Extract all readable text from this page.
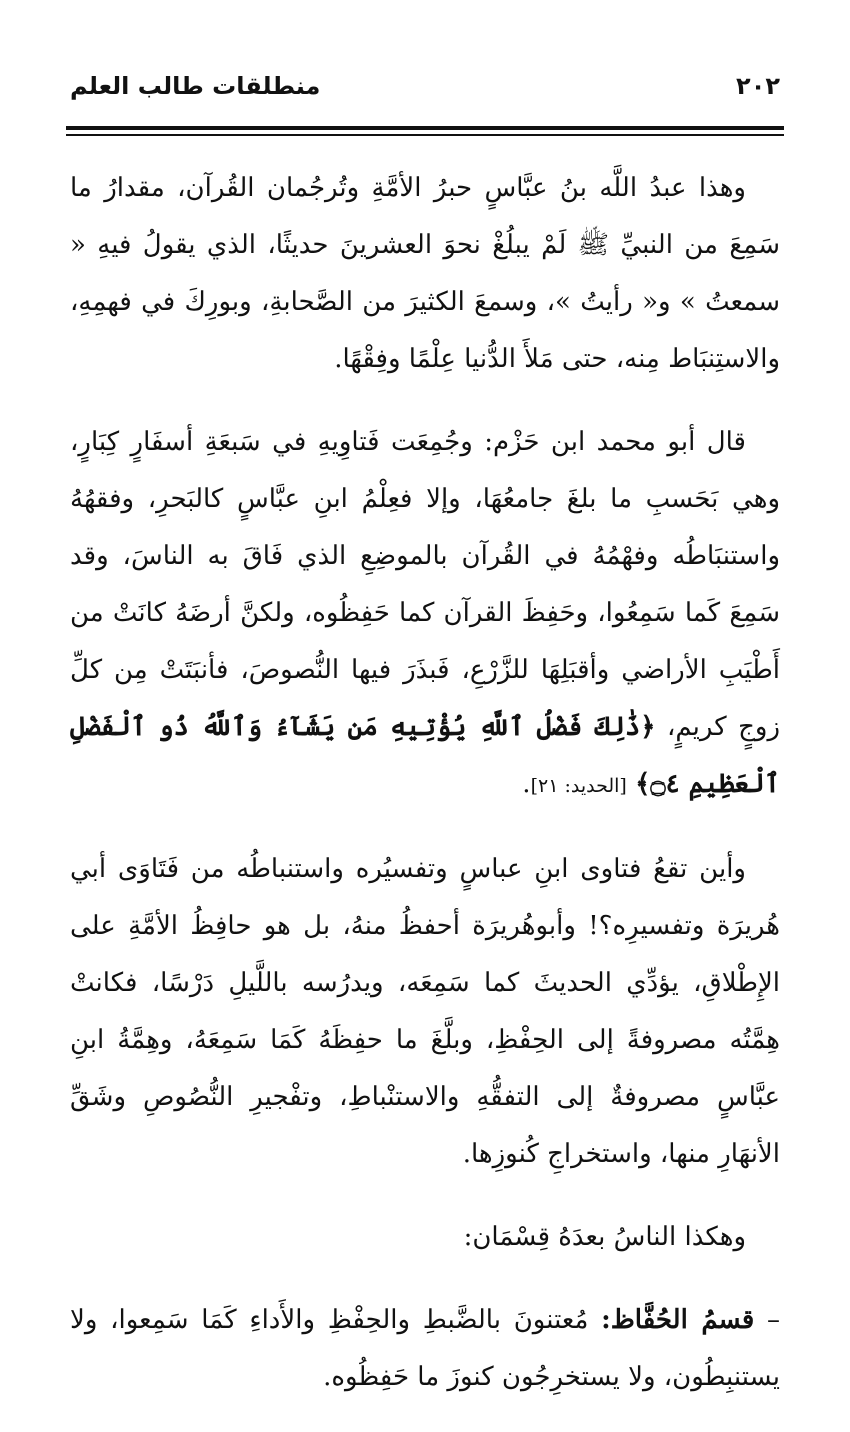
منطلقات طالب العلم	٢٠٢

وهذا عبدُ اللَّه بنُ عبَّاسٍ حبرُ الأمَّةِ وتُرجُمان القُرآن، مقدارُ ما سَمِعَ من النبيِّ ﷺ لَمْ يبلُغْ نحوَ العشرينَ حديثًا، الذي يقولُ فيهِ « سمعتُ » و« رأيتُ »، وسمعَ الكثيرَ من الصَّحابةِ، وبورِكَ في فهمِهِ، والاستِنبَاط مِنه، حتى مَلأَ الدُّنيا عِلْمًا وفِقْهًا.

قال أبو محمد ابن حَزْم: وجُمِعَت فَتاوِيهِ في سَبعَةِ أسفَارٍ كِبَارٍ، وهي بَحَسبِ ما بلغَ جامعُهَا، وإلا فعِلْمُ ابنِ عبَّاسٍ كالبَحرِ، وفقهُهُ واستنبَاطُه وفهْمُهُ في القُرآن بالموضِعِ الذي فَاقَ به الناسَ، وقد سَمِعَ كَما سَمِعُوا، وحَفِظَ القرآن كما حَفِظُوه، ولكنَّ أرضَهُ كانَتْ من أَطْيَبِ الأراضي وأقبَلِهَا للزَّرْعِ، فَبذَرَ فيها النُّصوصَ، فأنبَتَتْ مِن كلِّ زوجٍ كريمٍ، ﴿ذَٰلِكَ فَضْلُ ٱللَّهِ يُؤْتِيهِ مَن يَشَآءُ وَٱللَّهُ ذُو ٱلْفَضْلِ ٱلْعَظِيمِ ۝٤﴾ [الحديد: ٢١].

وأين تقعُ فتاوى ابنِ عباسٍ وتفسيُره واستنباطُه من فَتَاوَى أبي هُريرَة وتفسيرِه؟! وأبوهُريرَة أحفظُ منهُ، بل هو حافِظُ الأمَّةِ على الإِطْلاقِ، يؤدِّي الحديثَ كما سَمِعَه، ويدرُسه باللَّيلِ دَرْسًا، فكانتْ هِمَّتُه مصروفةً إلى الحِفْظِ، وبلَّغَ ما حفِظَهُ كَمَا سَمِعَهُ، وهِمَّةُ ابنِ عبَّاسٍ مصروفةٌ إلى التفقُّهِ والاستنْباطِ، وتفْجيرِ النُّصُوصِ وشَقِّ الأنهَارِ منها، واستخراجِ كُنوزِها.

وهكذا الناسُ بعدَهُ قِسْمَان:

– قسمُ الحُفَّاظ: مُعتنونَ بالضَّبطِ والحِفْظِ والأَداءِ كَمَا سَمِعوا، ولا يستنبِطُون، ولا يستخرِجُون كنوزَ ما حَفِظُوه.
